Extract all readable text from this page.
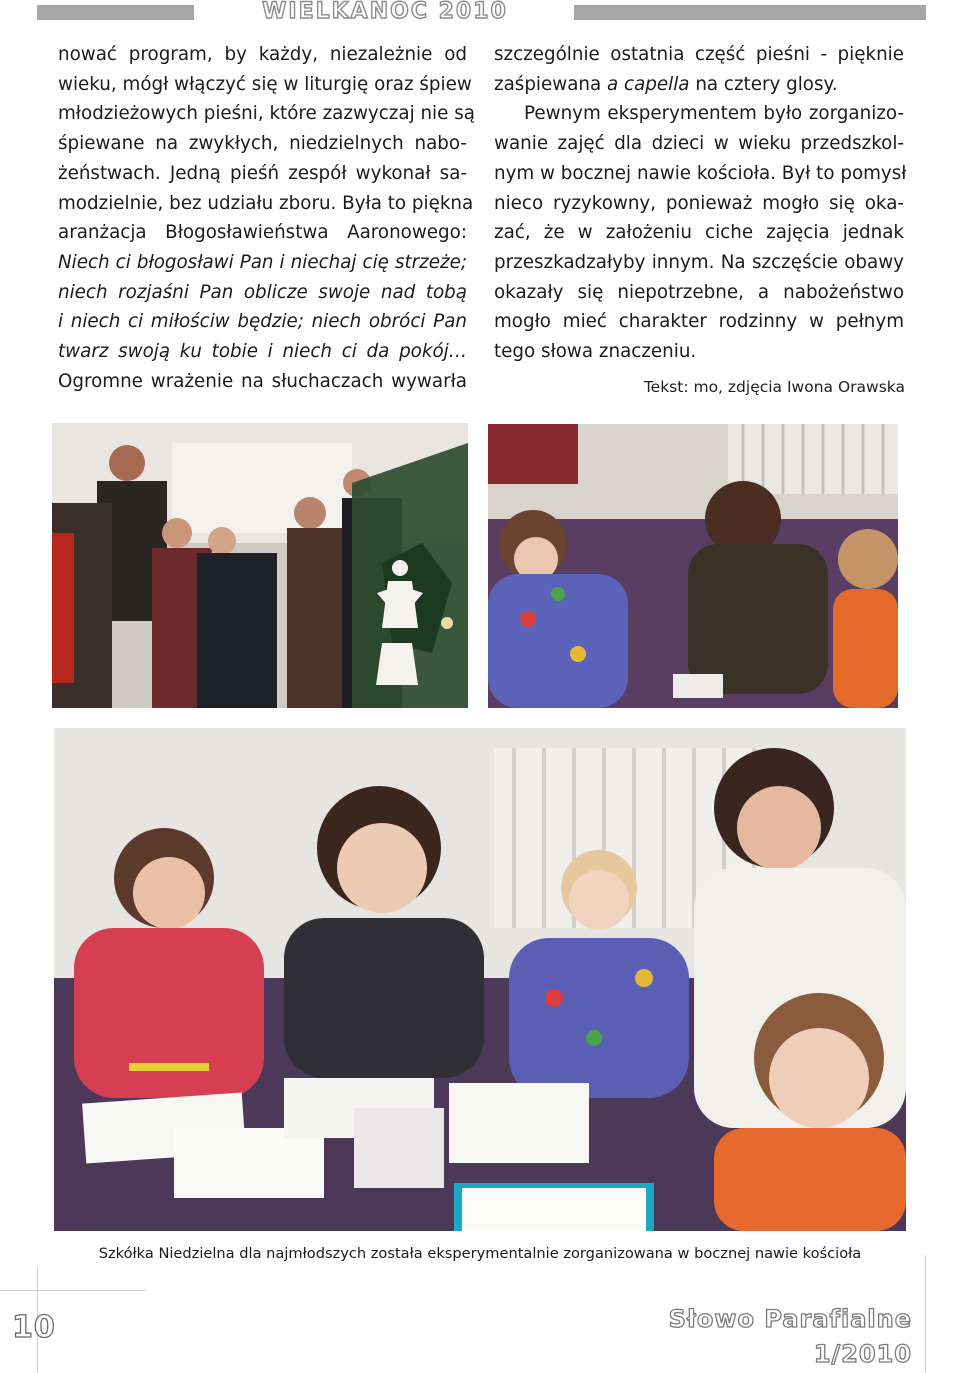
WIELKANOC 2010
nować program, by każdy, niezależnie od
wieku, mógł włączyć się w liturgię oraz śpiew
młodzieżowych pieśni, które zazwyczaj nie są
śpiewane na zwykłych, niedzielnych nabo-
żeństwach. Jedną pieśń zespół wykonał sa-
modzielnie, bez udziału zboru. Była to piękna
aranżacja Błogosławieństwa Aaronowego:
Niech ci błogosławi Pan i niechaj cię strzeże;
niech rozjaśni Pan oblicze swoje nad tobą
i niech ci miłościw będzie; niech obróci Pan
twarz swoją ku tobie i niech ci da pokój…
Ogromne wrażenie na słuchaczach wywarła
szczególnie ostatnia część pieśni - pięknie
zaśpiewana a capella na cztery glosy.
Pewnym eksperymentem było zorganizo-
wanie zajęć dla dzieci w wieku przedszkol-
nym w bocznej nawie kościoła. Był to pomysł
nieco ryzykowny, ponieważ mogło się oka-
zać, że w założeniu ciche zajęcia jednak
przeszkadzałyby innym. Na szczęście obawy
okazały się niepotrzebne, a nabożeństwo
mogło mieć charakter rodzinny w pełnym
tego słowa znaczeniu.
Tekst: mo, zdjęcia Iwona Orawska
Szkółka Niedzielna dla najmłodszych została eksperymentalnie zorganizowana w bocznej nawie kościoła
10	Słowo Parafialne
1/2010
